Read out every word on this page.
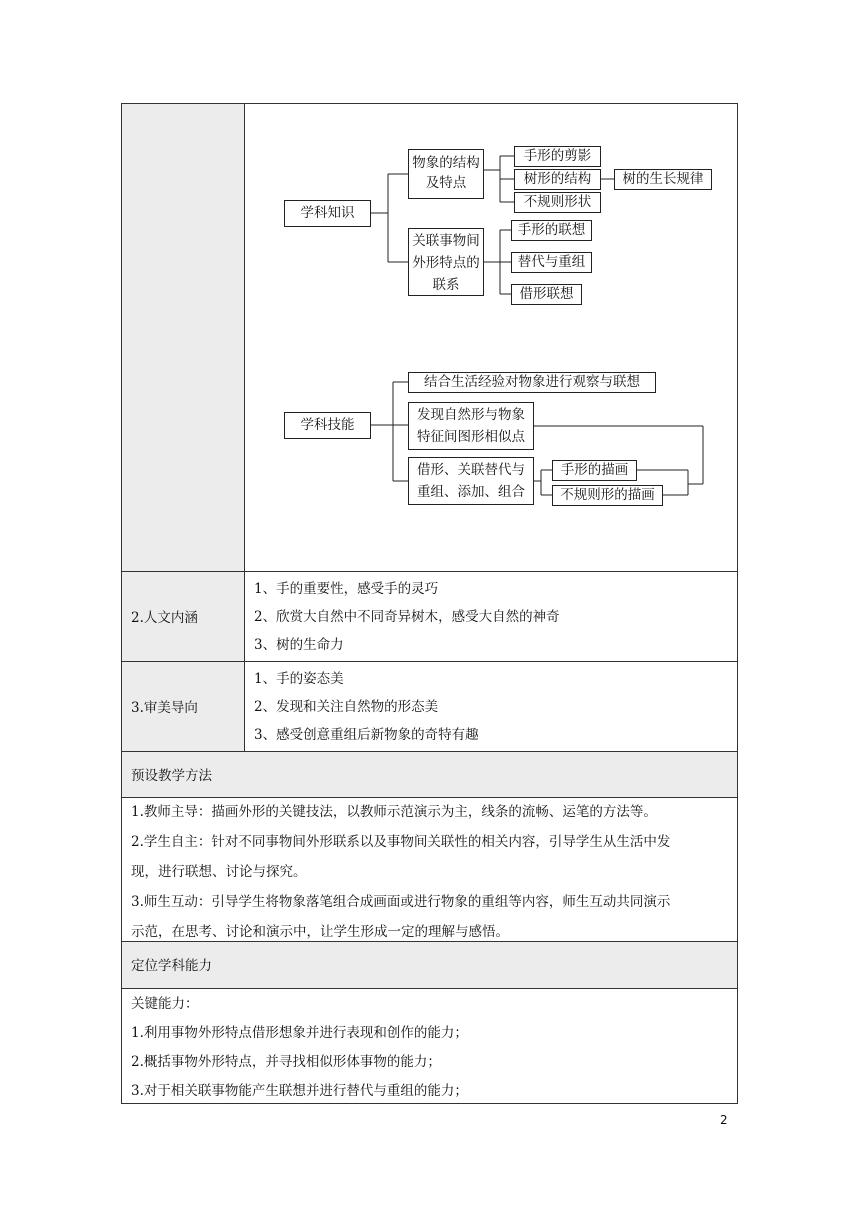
学科知识
物象的结构及特点
手形的剪影
树形的结构
不规则形状
树的生长规律
关联事物间外形特点的联系
手形的联想
替代与重组
借形联想
学科技能
结合生活经验对物象进行观察与联想
发现自然形与物象特征间图形相似点
借形、关联替代与重组、添加、组合
手形的描画
不规则形的描画
2.人文内涵
1、手的重要性，感受手的灵巧
2、欣赏大自然中不同奇异树木，感受大自然的神奇
3、树的生命力
3.审美导向
1、手的姿态美
2、发现和关注自然物的形态美
3、感受创意重组后新物象的奇特有趣
预设教学方法
1.教师主导：描画外形的关键技法，以教师示范演示为主，线条的流畅、运笔的方法等。
2.学生自主：针对不同事物间外形联系以及事物间关联性的相关内容，引导学生从生活中发
现，进行联想、讨论与探究。
3.师生互动：引导学生将物象落笔组合成画面或进行物象的重组等内容，师生互动共同演示
示范，在思考、讨论和演示中，让学生形成一定的理解与感悟。
定位学科能力
关键能力：
1.利用事物外形特点借形想象并进行表现和创作的能力；
2.概括事物外形特点，并寻找相似形体事物的能力；
3.对于相关联事物能产生联想并进行替代与重组的能力；
2
